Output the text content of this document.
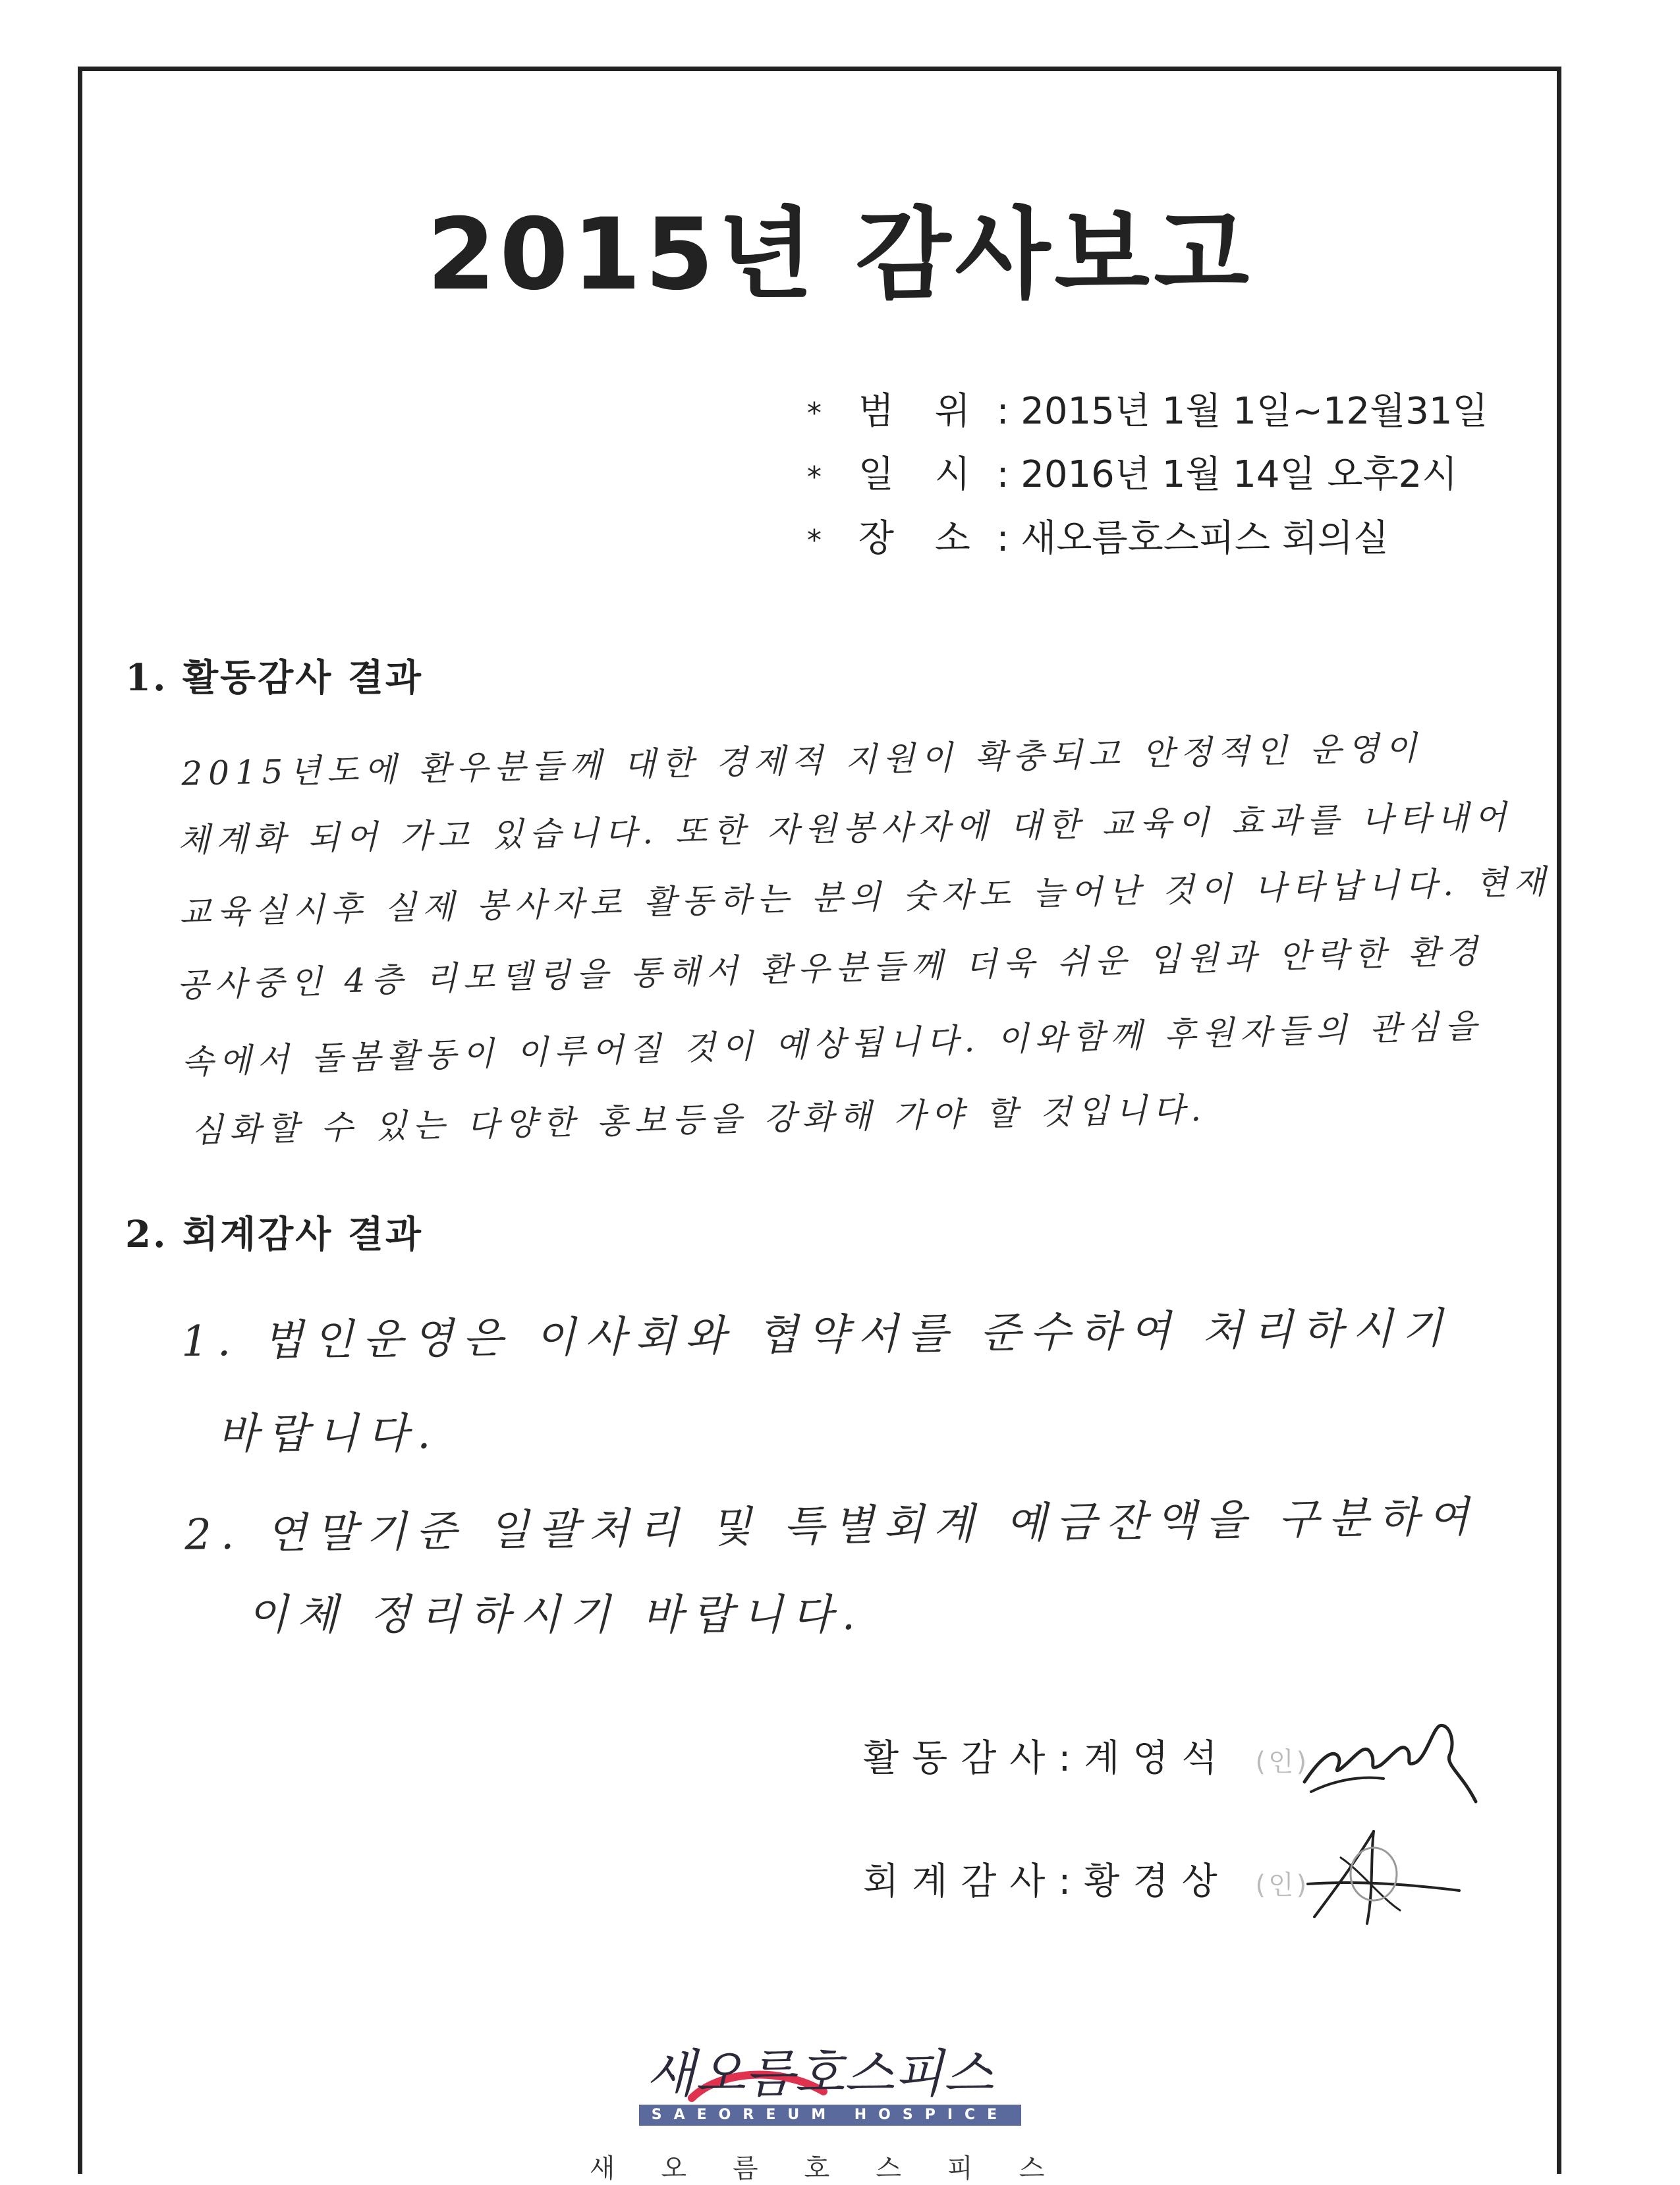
2015년 감사보고
* 범 위 : 2015년 1월 1일~12월31일
* 일 시 : 2016년 1월 14일 오후2시
* 장 소 : 새오름호스피스 회의실
1. 활동감사 결과
2015년도에 환우분들께 대한 경제적 지원이 확충되고 안정적인 운영이
체계화 되어 가고 있습니다. 또한 자원봉사자에 대한 교육이 효과를 나타내어
교육실시후 실제 봉사자로 활동하는 분의 숫자도 늘어난 것이 나타납니다. 현재
공사중인 4층 리모델링을 통해서 환우분들께 더욱 쉬운 입원과 안락한 환경
속에서 돌봄활동이 이루어질 것이 예상됩니다. 이와함께 후원자들의 관심을
심화할 수 있는 다양한 홍보등을 강화해 가야 할 것입니다.
2. 회계감사 결과
1. 법인운영은 이사회와 협약서를 준수하여 처리하시기
바랍니다.
2. 연말기준 일괄처리 및 특별회계 예금잔액을 구분하여
이체 정리하시기 바랍니다.
활동감사:계영석 (인)
회계감사:황경상 (인)
새오름호스피스
SAEOREUM HOSPICE
새오름호스피스
